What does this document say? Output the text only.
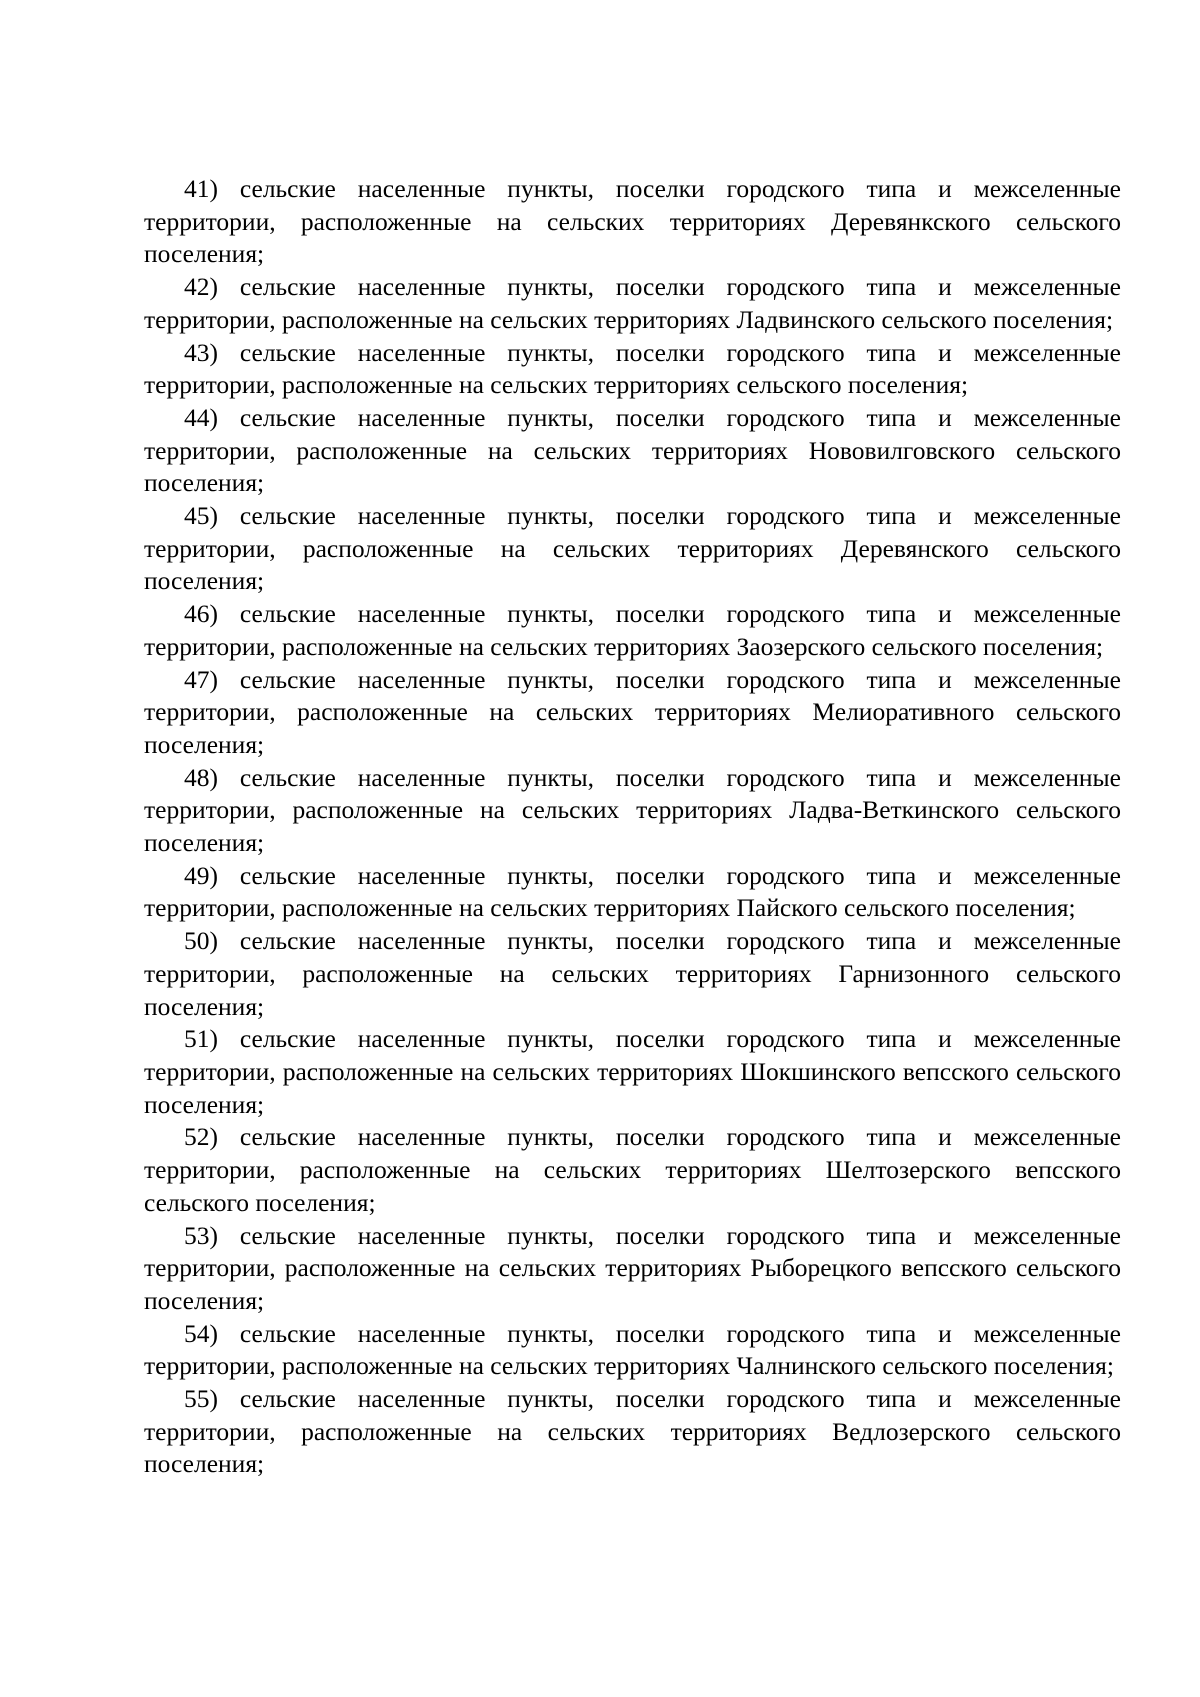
41) сельские населенные пункты, поселки городского типа и межселенные территории, расположенные на сельских территориях Деревянкского сельского поселения;

42) сельские населенные пункты, поселки городского типа и межселенные территории, расположенные на сельских территориях Ладвинского сельского поселения;

43) сельские населенные пункты, поселки городского типа и межселенные территории, расположенные на сельских территориях сельского поселения;

44) сельские населенные пункты, поселки городского типа и межселенные территории, расположенные на сельских территориях Нововилговского сельского поселения;

45) сельские населенные пункты, поселки городского типа и межселенные территории, расположенные на сельских территориях Деревянского сельского поселения;

46) сельские населенные пункты, поселки городского типа и межселенные территории, расположенные на сельских территориях Заозерского сельского поселения;

47) сельские населенные пункты, поселки городского типа и межселенные территории, расположенные на сельских территориях Мелиоративного сельского поселения;

48) сельские населенные пункты, поселки городского типа и межселенные территории, расположенные на сельских территориях Ладва-Веткинского сельского поселения;

49) сельские населенные пункты, поселки городского типа и межселенные территории, расположенные на сельских территориях Пайского сельского поселения;

50) сельские населенные пункты, поселки городского типа и межселенные территории, расположенные на сельских территориях Гарнизонного сельского поселения;

51) сельские населенные пункты, поселки городского типа и межселенные территории, расположенные на сельских территориях Шокшинского вепсского сельского поселения;

52) сельские населенные пункты, поселки городского типа и межселенные территории, расположенные на сельских территориях Шелтозерского вепсского сельского поселения;

53) сельские населенные пункты, поселки городского типа и межселенные территории, расположенные на сельских территориях Рыборецкого вепсского сельского поселения;

54) сельские населенные пункты, поселки городского типа и межселенные территории, расположенные на сельских территориях Чалнинского сельского поселения;

55) сельские населенные пункты, поселки городского типа и межселенные территории, расположенные на сельских территориях Ведлозерского сельского поселения;
